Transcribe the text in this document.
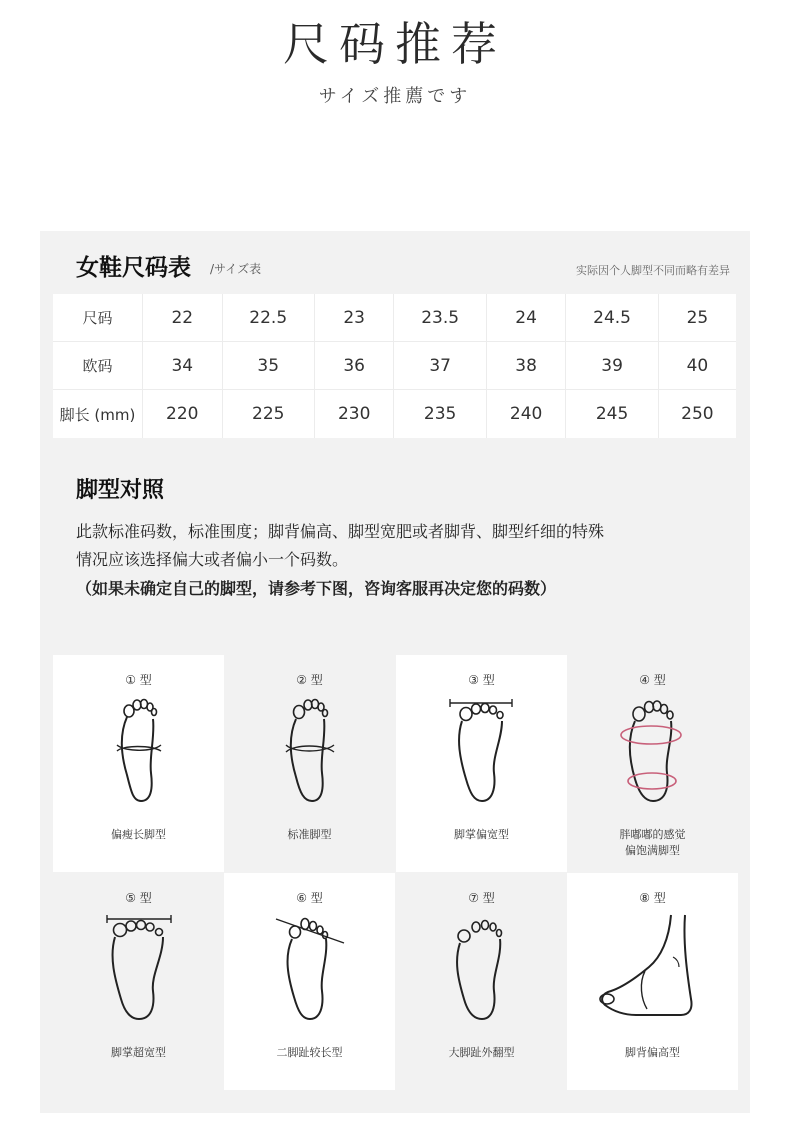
尺码推荐
サイズ推薦です
女鞋尺码表 /サイズ表	实际因个人脚型不同而略有差异
尺码	22	22.5	23	23.5	24	24.5	25
欧码	34	35	36	37	38	39	40
脚长 (mm)	220	225	230	235	240	245	250
脚型对照
此款标准码数，标准围度；脚背偏高、脚型宽肥或者脚背、脚型纤细的特殊
情况应该选择偏大或者偏小一个码数。
（如果未确定自己的脚型，请参考下图，咨询客服再决定您的码数）
① 型
偏瘦长脚型
② 型
标准脚型
③ 型
脚掌偏宽型
④ 型
胖嘟嘟的感觉
偏饱满脚型
⑤ 型
脚掌超宽型
⑥ 型
二脚趾较长型
⑦ 型
大脚趾外翻型
⑧ 型
脚背偏高型
